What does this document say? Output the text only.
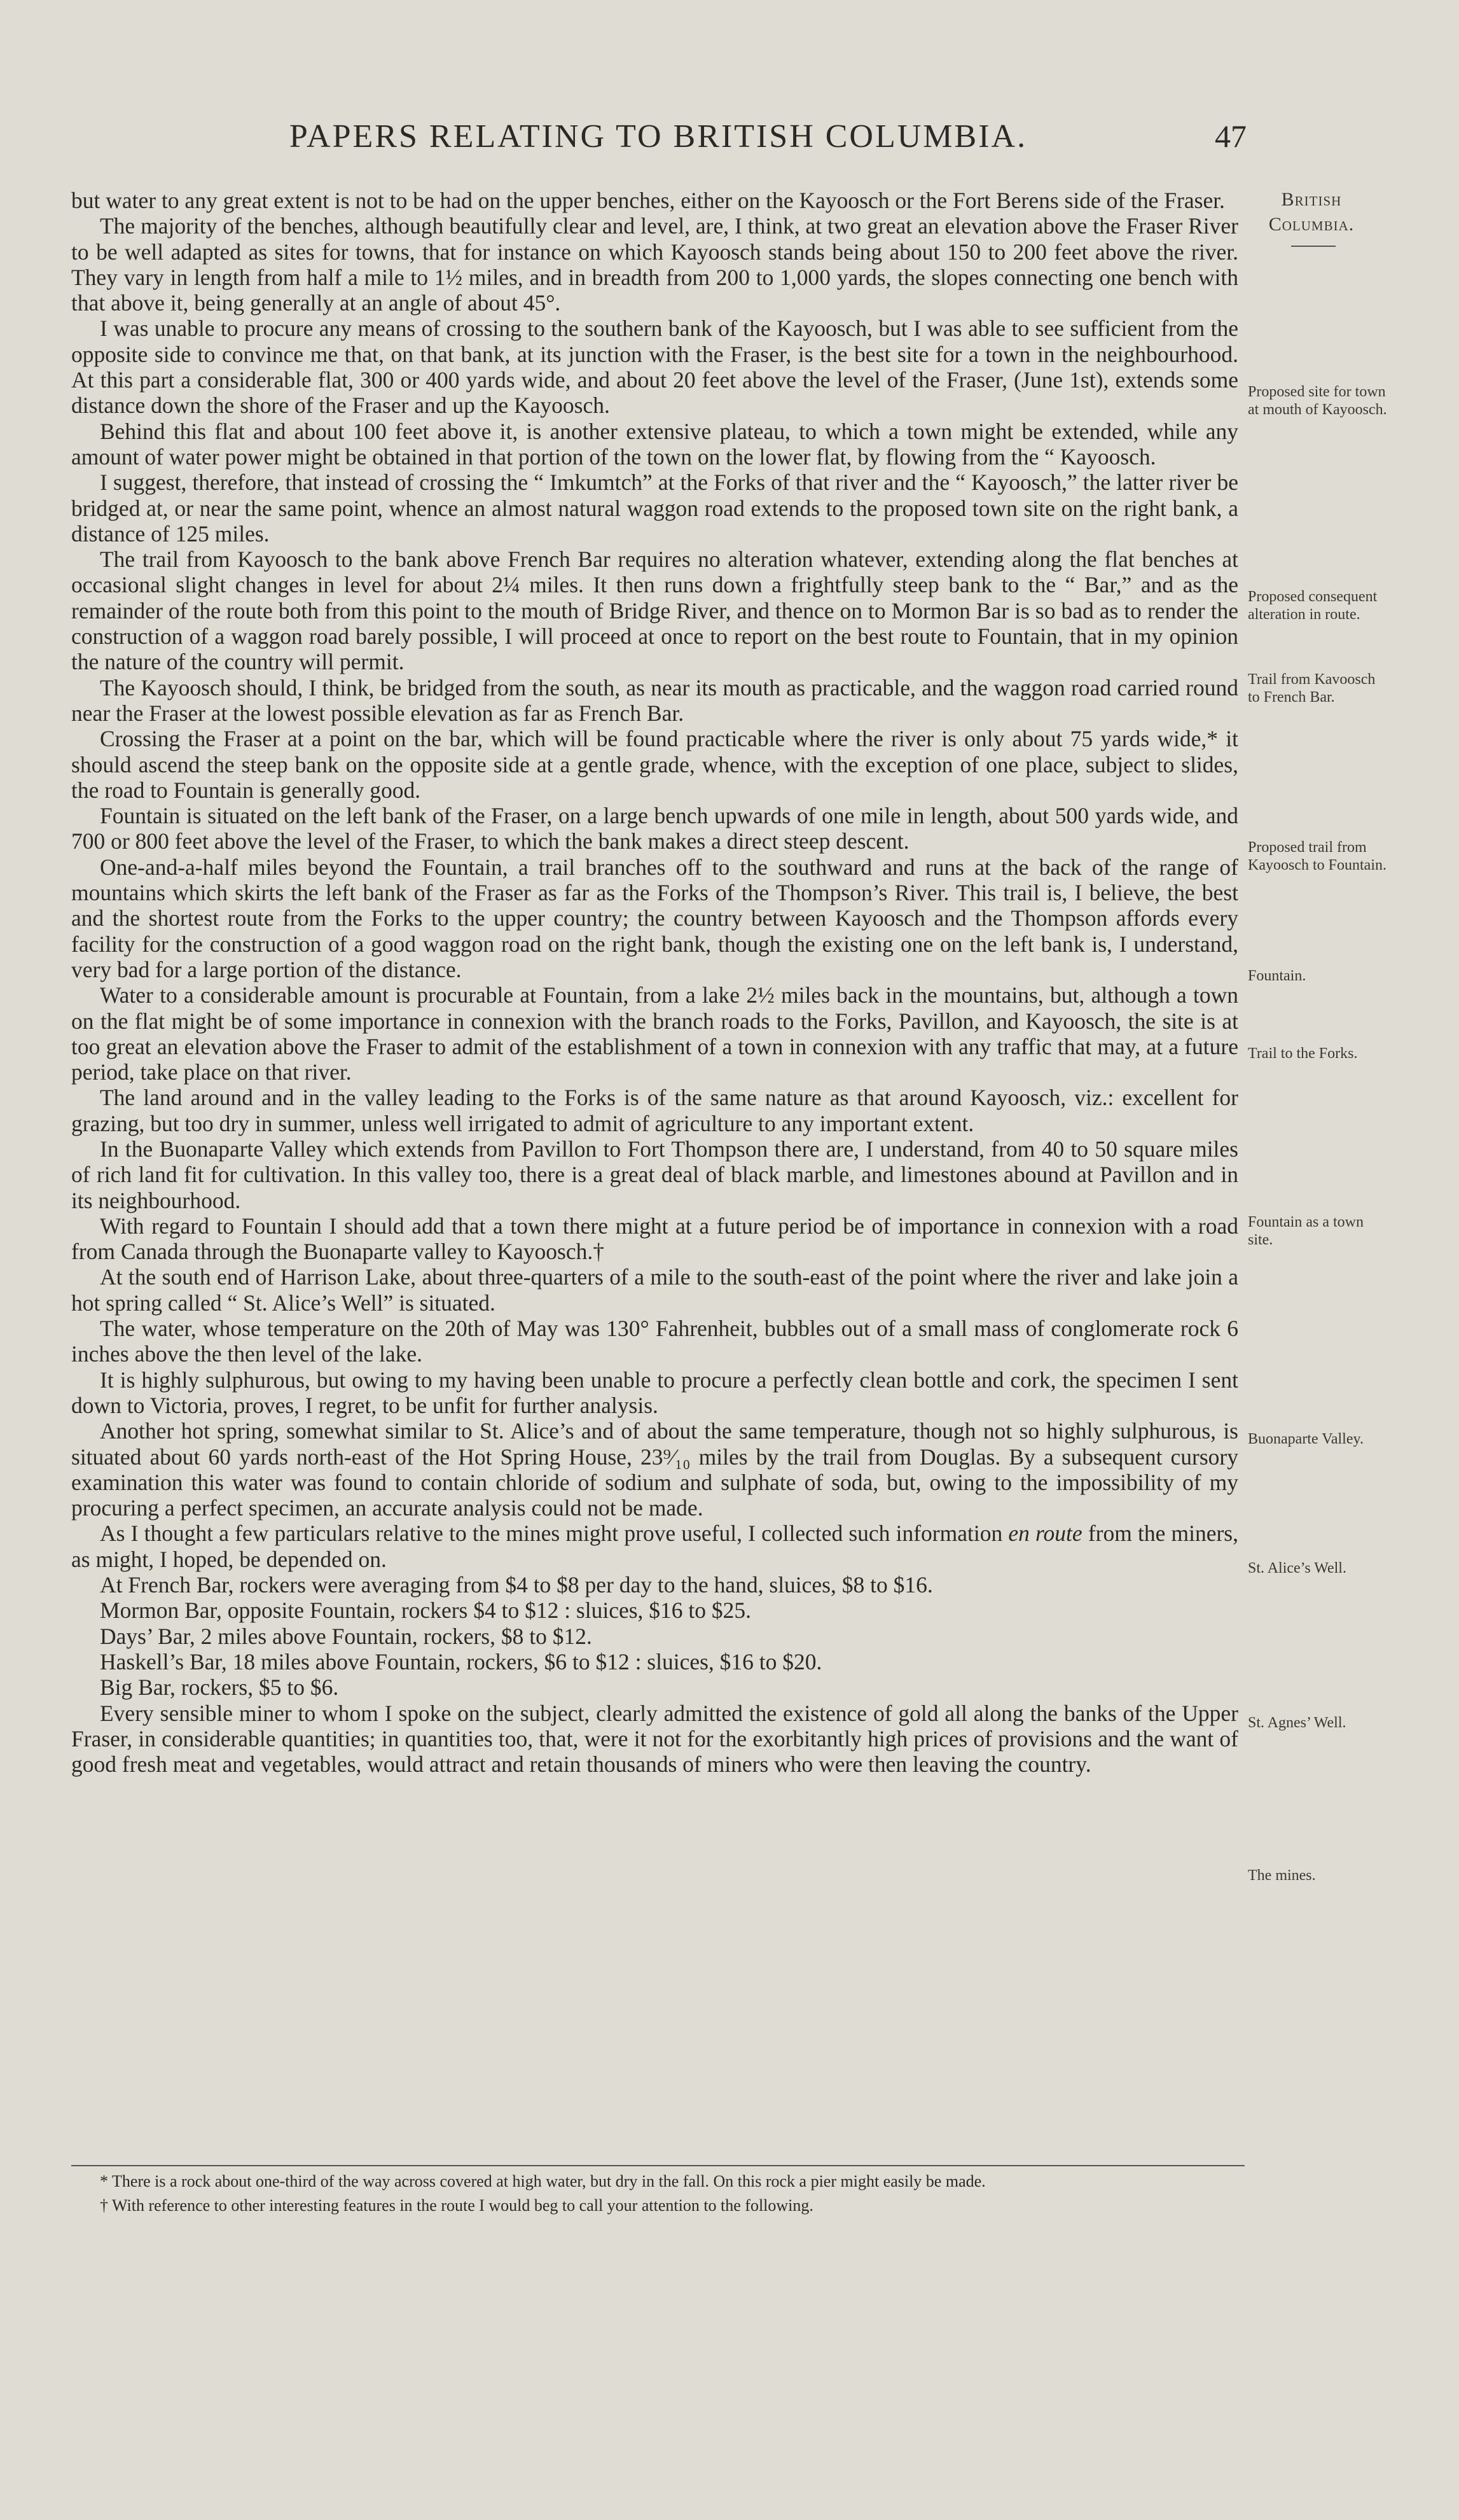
PAPERS RELATING TO BRITISH COLUMBIA.	47

but water to any great extent is not to be had on the upper benches, either on the Kayoosch or the Fort Berens side of the Fraser.

The majority of the benches, although beautifully clear and level, are, I think, at two great an elevation above the Fraser River to be well adapted as sites for towns, that for instance on which Kayoosch stands being about 150 to 200 feet above the river. They vary in length from half a mile to 1½ miles, and in breadth from 200 to 1,000 yards, the slopes connecting one bench with that above it, being generally at an angle of about 45°.

I was unable to procure any means of crossing to the southern bank of the Kayoosch, but I was able to see sufficient from the opposite side to convince me that, on that bank, at its junction with the Fraser, is the best site for a town in the neighbourhood. At this part a considerable flat, 300 or 400 yards wide, and about 20 feet above the level of the Fraser, (June 1st), extends some distance down the shore of the Fraser and up the Kayoosch.

Behind this flat and about 100 feet above it, is another extensive plateau, to which a town might be extended, while any amount of water power might be obtained in that portion of the town on the lower flat, by flowing from the “ Kayoosch.

I suggest, therefore, that instead of crossing the “ Imkumtch” at the Forks of that river and the “ Kayoosch,” the latter river be bridged at, or near the same point, whence an almost natural waggon road extends to the proposed town site on the right bank, a distance of 125 miles.

The trail from Kayoosch to the bank above French Bar requires no alteration whatever, extending along the flat benches at occasional slight changes in level for about 2¼ miles. It then runs down a frightfully steep bank to the “ Bar,” and as the remainder of the route both from this point to the mouth of Bridge River, and thence on to Mormon Bar is so bad as to render the construction of a waggon road barely possible, I will proceed at once to report on the best route to Fountain, that in my opinion the nature of the country will permit.

The Kayoosch should, I think, be bridged from the south, as near its mouth as practicable, and the waggon road carried round near the Fraser at the lowest possible elevation as far as French Bar.

Crossing the Fraser at a point on the bar, which will be found practicable where the river is only about 75 yards wide,* it should ascend the steep bank on the opposite side at a gentle grade, whence, with the exception of one place, subject to slides, the road to Fountain is generally good.

Fountain is situated on the left bank of the Fraser, on a large bench upwards of one mile in length, about 500 yards wide, and 700 or 800 feet above the level of the Fraser, to which the bank makes a direct steep descent.

One-and-a-half miles beyond the Fountain, a trail branches off to the southward and runs at the back of the range of mountains which skirts the left bank of the Fraser as far as the Forks of the Thompson’s River. This trail is, I believe, the best and the shortest route from the Forks to the upper country; the country between Kayoosch and the Thompson affords every facility for the construction of a good waggon road on the right bank, though the existing one on the left bank is, I understand, very bad for a large portion of the distance.

Water to a considerable amount is procurable at Fountain, from a lake 2½ miles back in the mountains, but, although a town on the flat might be of some importance in connexion with the branch roads to the Forks, Pavillon, and Kayoosch, the site is at too great an elevation above the Fraser to admit of the establishment of a town in connexion with any traffic that may, at a future period, take place on that river.

The land around and in the valley leading to the Forks is of the same nature as that around Kayoosch, viz.: excellent for grazing, but too dry in summer, unless well irrigated to admit of agriculture to any important extent.

In the Buonaparte Valley which extends from Pavillon to Fort Thompson there are, I understand, from 40 to 50 square miles of rich land fit for cultivation. In this valley too, there is a great deal of black marble, and limestones abound at Pavillon and in its neighbourhood.

With regard to Fountain I should add that a town there might at a future period be of importance in connexion with a road from Canada through the Buonaparte valley to Kayoosch.†

At the south end of Harrison Lake, about three-quarters of a mile to the south-east of the point where the river and lake join a hot spring called “ St. Alice’s Well” is situated.

The water, whose temperature on the 20th of May was 130° Fahrenheit, bubbles out of a small mass of conglomerate rock 6 inches above the then level of the lake.

It is highly sulphurous, but owing to my having been unable to procure a perfectly clean bottle and cork, the specimen I sent down to Victoria, proves, I regret, to be unfit for further analysis.

Another hot spring, somewhat similar to St. Alice’s and of about the same temperature, though not so highly sulphurous, is situated about 60 yards north-east of the Hot Spring House, 23⁹⁄₁₀ miles by the trail from Douglas. By a subsequent cursory examination this water was found to contain chloride of sodium and sulphate of soda, but, owing to the impossibility of my procuring a perfect specimen, an accurate analysis could not be made.

As I thought a few particulars relative to the mines might prove useful, I collected such information en route from the miners, as might, I hoped, be depended on.

At French Bar, rockers were averaging from $4 to $8 per day to the hand, sluices, $8 to $16.

Mormon Bar, opposite Fountain, rockers $4 to $12 : sluices, $16 to $25.

Days’ Bar, 2 miles above Fountain, rockers, $8 to $12.

Haskell’s Bar, 18 miles above Fountain, rockers, $6 to $12 : sluices, $16 to $20.

Big Bar, rockers, $5 to $6.

Every sensible miner to whom I spoke on the subject, clearly admitted the existence of gold all along the banks of the Upper Fraser, in considerable quantities; in quantities too, that, were it not for the exorbitantly high prices of provisions and the want of good fresh meat and vegetables, would attract and retain thousands of miners who were then leaving the country.

British
Columbia.
Proposed site for town at mouth of Kayoosch.
Proposed consequent alteration in route.
Trail from Kavoosch to French Bar.
Proposed trail from Kayoosch to Fountain.
Fountain.
Trail to the Forks.
Fountain as a town site.
Buonaparte Valley.
St. Alice’s Well.
St. Agnes’ Well.
The mines.

* There is a rock about one-third of the way across covered at high water, but dry in the fall. On this rock a pier might easily be made.

† With reference to other interesting features in the route I would beg to call your attention to the following.
